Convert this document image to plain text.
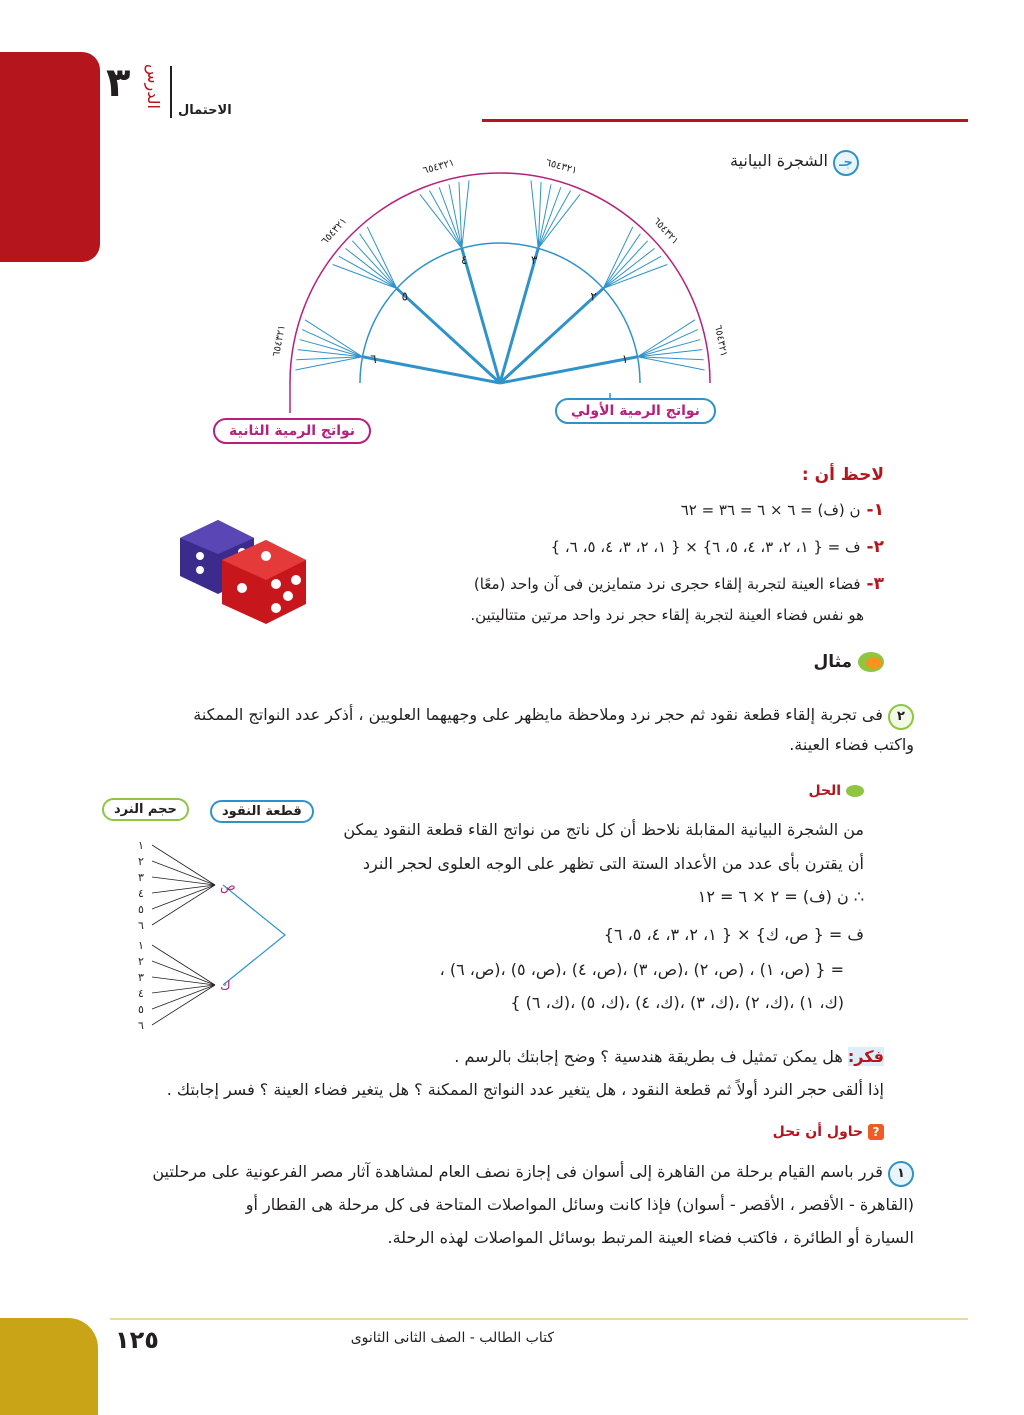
٣ الدرس
الاحتمال
جـ الشجرة البيانية
١
٦٥٤٣٢١
٢
٦٥٤٣٢١
٣
٦٥٤٣٢١
٤
٦٥٤٣٢١
٥
٦٥٤٣٢١
٦
٦٥٤٣٢١
نواتج الرمية الأولي
نواتج الرمية الثانية
لاحظ أن :
١-ن (ف) = ٦ × ٦ = ٣٦ = ٦٢
٢-ف = { ١، ٢، ٣، ٤، ٥، ٦} × { ١، ٢، ٣، ٤، ٥، ٦، }
٣-فضاء العينة لتجربة إلقاء حجرى نرد متمايزين فى آن واحد (معًا)
هو نفس فضاء العينة لتجربة إلقاء حجر نرد واحد مرتين متتاليتين.
مثال
٢ فى تجربة إلقاء قطعة نقود ثم حجر نرد وملاحظة مايظهر على وجهيهما العلويين ، أذكر عدد النواتج الممكنة
واكتب فضاء العينة.
الحل
من الشجرة البيانية المقابلة نلاحظ أن كل ناتج من نواتج القاء قطعة النقود يمكن
أن يقترن بأى عدد من الأعداد الستة التى تظهر على الوجه العلوى لحجر النرد
∴ ن (ف) = ٢ × ٦ = ١٢
ف = { ص، ك} × { ١، ٢، ٣، ٤، ٥، ٦}
= { (ص، ١) ، (ص، ٢) ،(ص، ٣) ،(ص، ٤) ،(ص، ٥) ،(ص، ٦) ،
(ك، ١) ،(ك، ٢) ،(ك، ٣) ،(ك، ٤) ،(ك، ٥) ،(ك، ٦) }
قطعة النقود
حجم النرد
ص
١
٢
٣
٤
٥
٦
ك
١
٢
٣
٤
٥
٦
فكر: هل يمكن تمثيل ف بطريقة هندسية ؟ وضح إجابتك بالرسم .
إذا ألقى حجر النرد أولاً ثم قطعة النقود ، هل يتغير عدد النواتج الممكنة ؟ هل يتغير فضاء العينة ؟ فسر إجابتك .
? حاول أن تحل
١ قرر باسم القيام برحلة من القاهرة إلى أسوان فى إجازة نصف العام لمشاهدة آثار مصر الفرعونية على مرحلتين
(القاهرة - الأقصر ، الأقصر - أسوان) فإذا كانت وسائل المواصلات المتاحة فى كل مرحلة هى القطار أو
السيارة أو الطائرة ، فاكتب فضاء العينة المرتبط بوسائل المواصلات لهذه الرحلة.
١٢٥	كتاب الطالب - الصف الثانى الثانوى
